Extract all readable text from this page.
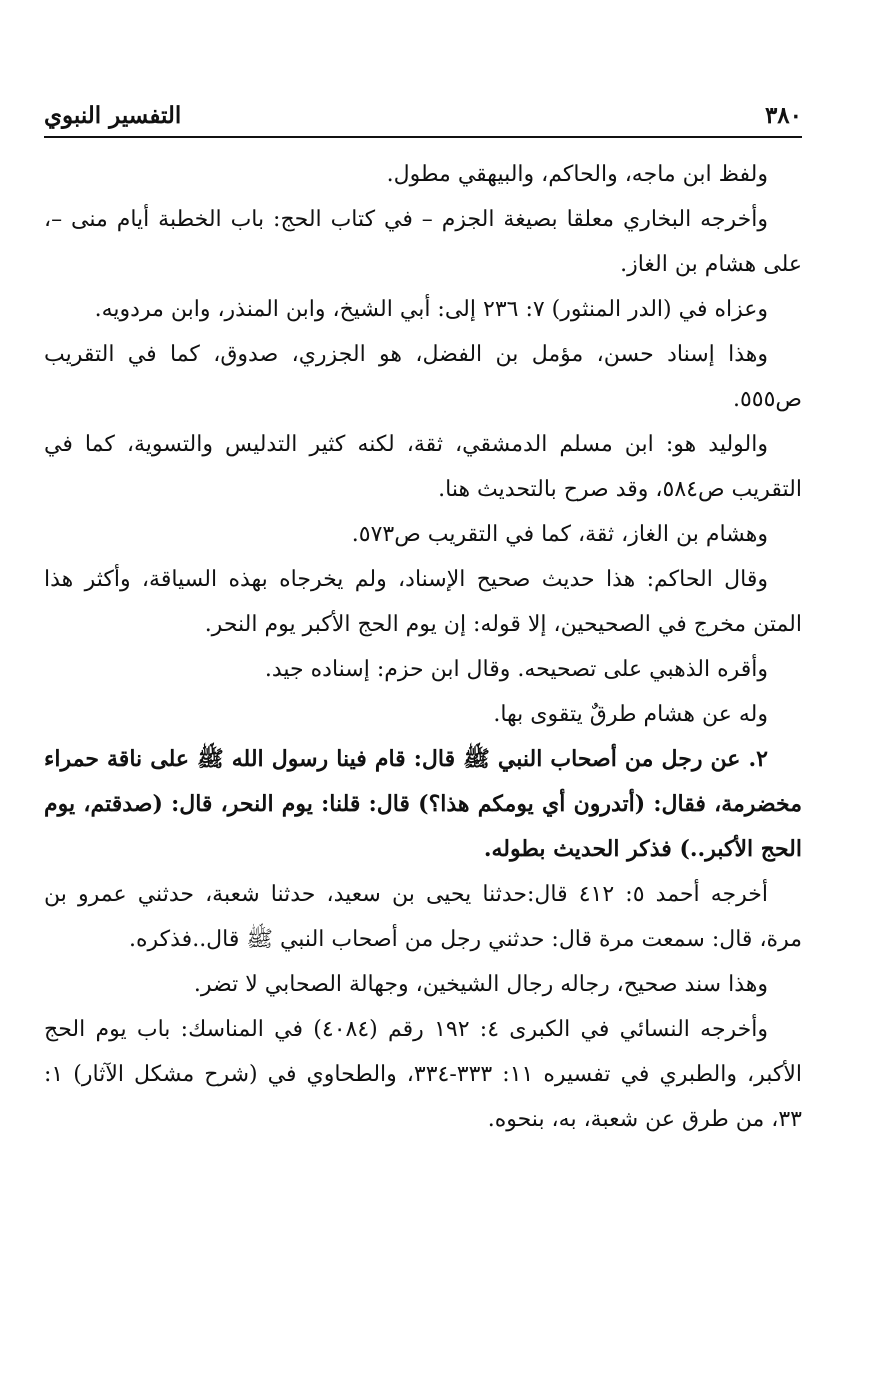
٣٨٠
التفسير النبوي

ولفظ ابن ماجه، والحاكم، والبيهقي مطول.

وأخرجه البخاري معلقا بصيغة الجزم – في كتاب الحج: باب الخطبة أيام منى –، على هشام بن الغاز.

وعزاه في (الدر المنثور) ٧: ٢٣٦ إلى: أبي الشيخ، وابن المنذر، وابن مردويه.

وهذا إسناد حسن، مؤمل بن الفضل، هو الجزري، صدوق، كما في التقريب ص٥٥٥.

والوليد هو: ابن مسلم الدمشقي، ثقة، لكنه كثير التدليس والتسوية، كما في التقريب ص٥٨٤، وقد صرح بالتحديث هنا.

وهشام بن الغاز، ثقة، كما في التقريب ص٥٧٣.

وقال الحاكم: هذا حديث صحيح الإسناد، ولم يخرجاه بهذه السياقة، وأكثر هذا المتن مخرج في الصحيحين، إلا قوله: إن يوم الحج الأكبر يوم النحر.

وأقره الذهبي على تصحيحه. وقال ابن حزم: إسناده جيد.

وله عن هشام طرقٌ يتقوى بها.

٢. عن رجل من أصحاب النبي ﷺ قال: قام فينا رسول الله ﷺ على ناقة حمراء مخضرمة، فقال: (أتدرون أي يومكم هذا؟) قال: قلنا: يوم النحر، قال: (صدقتم، يوم الحج الأكبر..) فذكر الحديث بطوله.

أخرجه أحمد ٥: ٤١٢ قال:حدثنا يحيى بن سعيد، حدثنا شعبة، حدثني عمرو بن مرة، قال: سمعت مرة قال: حدثني رجل من أصحاب النبي ﷺ قال..فذكره.

وهذا سند صحيح، رجاله رجال الشيخين، وجهالة الصحابي لا تضر.

وأخرجه النسائي في الكبرى ٤: ١٩٢ رقم (٤٠٨٤) في المناسك: باب يوم الحج الأكبر، والطبري في تفسيره ١١: ٣٣٣-٣٣٤، والطحاوي في (شرح مشكل الآثار) ١: ٣٣، من طرق عن شعبة، به، بنحوه.
